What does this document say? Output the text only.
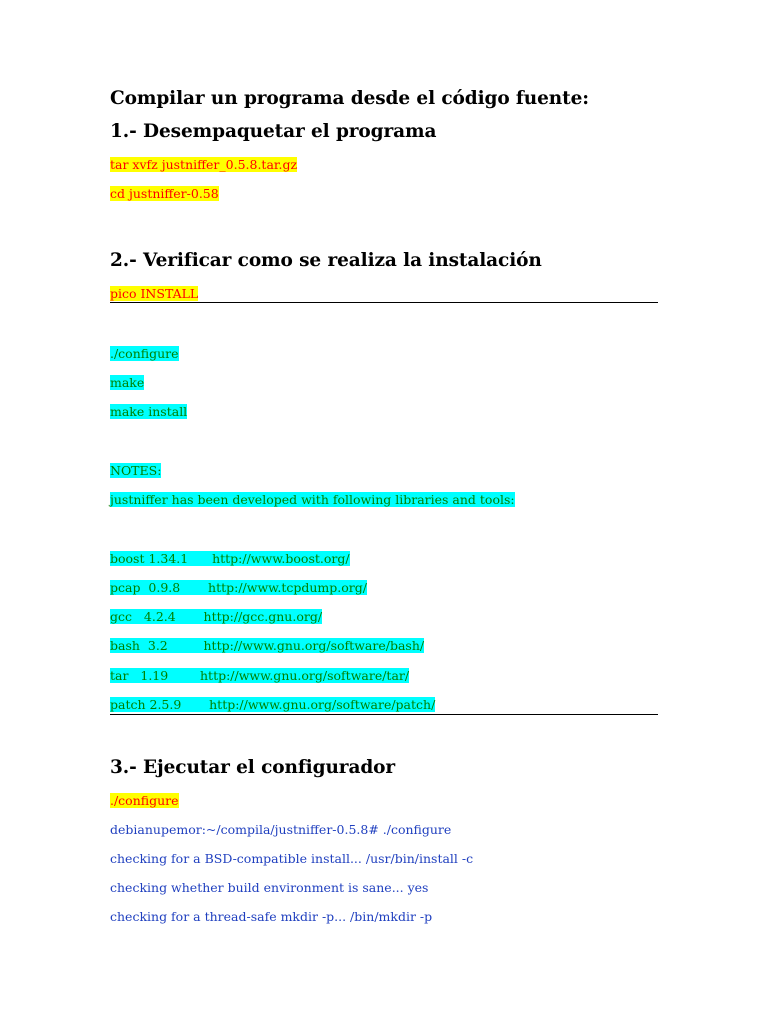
Compilar un programa desde el código fuente:
1.- Desempaquetar el programa
tar xvfz justniffer_0.5.8.tar.gz
cd justniffer-0.58
2.- Verificar como se realiza la instalación
pico INSTALL
./configure
make
make install
NOTES:
justniffer has been developed with following libraries and tools:
boost 1.34.1      http://www.boost.org/
pcap  0.9.8       http://www.tcpdump.org/
gcc   4.2.4       http://gcc.gnu.org/
bash  3.2         http://www.gnu.org/software/bash/
tar   1.19        http://www.gnu.org/software/tar/
patch 2.5.9       http://www.gnu.org/software/patch/
3.- Ejecutar el configurador
./configure
debianupemor:~/compila/justniffer-0.5.8# ./configure
checking for a BSD-compatible install... /usr/bin/install -c
checking whether build environment is sane... yes
checking for a thread-safe mkdir -p... /bin/mkdir -p
